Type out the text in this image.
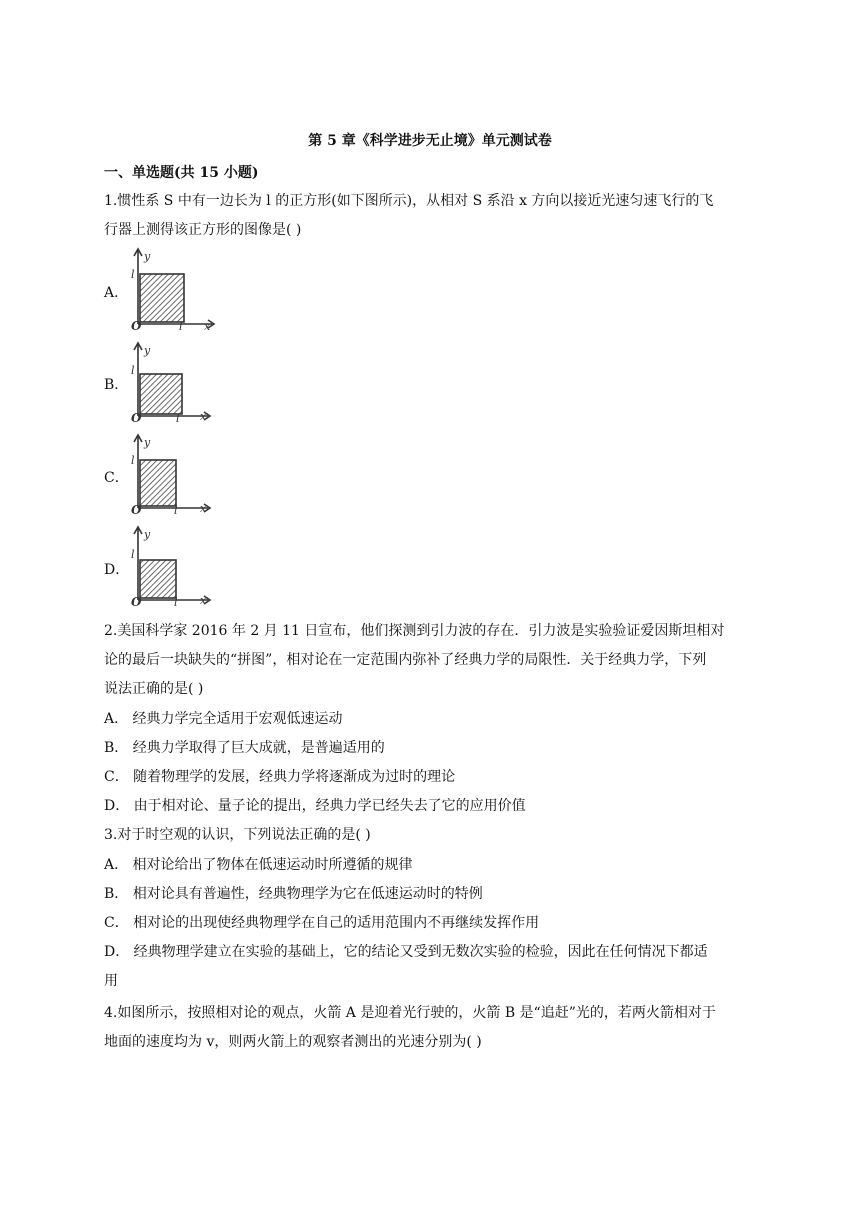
第 5 章《科学进步无止境》单元测试卷
一、单选题(共 15 小题)
1.惯性系 S 中有一边长为 l 的正方形(如下图所示)，从相对 S 系沿 x 方向以接近光速匀速飞行的飞
行器上测得该正方形的图像是( )
A．
y
l
O	l x
B．
y
l
O	l x
C．
y
l
O	l x
D．
y
l
O	l x
2.美国科学家 2016 年 2 月 11 日宣布，他们探测到引力波的存在．引力波是实验验证爱因斯坦相对
论的最后一块缺失的“拼图”，相对论在一定范围内弥补了经典力学的局限性．关于经典力学，下列
说法正确的是( )
A． 经典力学完全适用于宏观低速运动
B． 经典力学取得了巨大成就，是普遍适用的
C． 随着物理学的发展，经典力学将逐渐成为过时的理论
D． 由于相对论、量子论的提出，经典力学已经失去了它的应用价值
3.对于时空观的认识，下列说法正确的是( )
A． 相对论给出了物体在低速运动时所遵循的规律
B． 相对论具有普遍性，经典物理学为它在低速运动时的特例
C． 相对论的出现使经典物理学在自己的适用范围内不再继续发挥作用
D． 经典物理学建立在实验的基础上，它的结论又受到无数次实验的检验，因此在任何情况下都适
用
4.如图所示，按照相对论的观点，火箭 A 是迎着光行驶的，火箭 B 是“追赶”光的，若两火箭相对于
地面的速度均为 v，则两火箭上的观察者测出的光速分别为( )
